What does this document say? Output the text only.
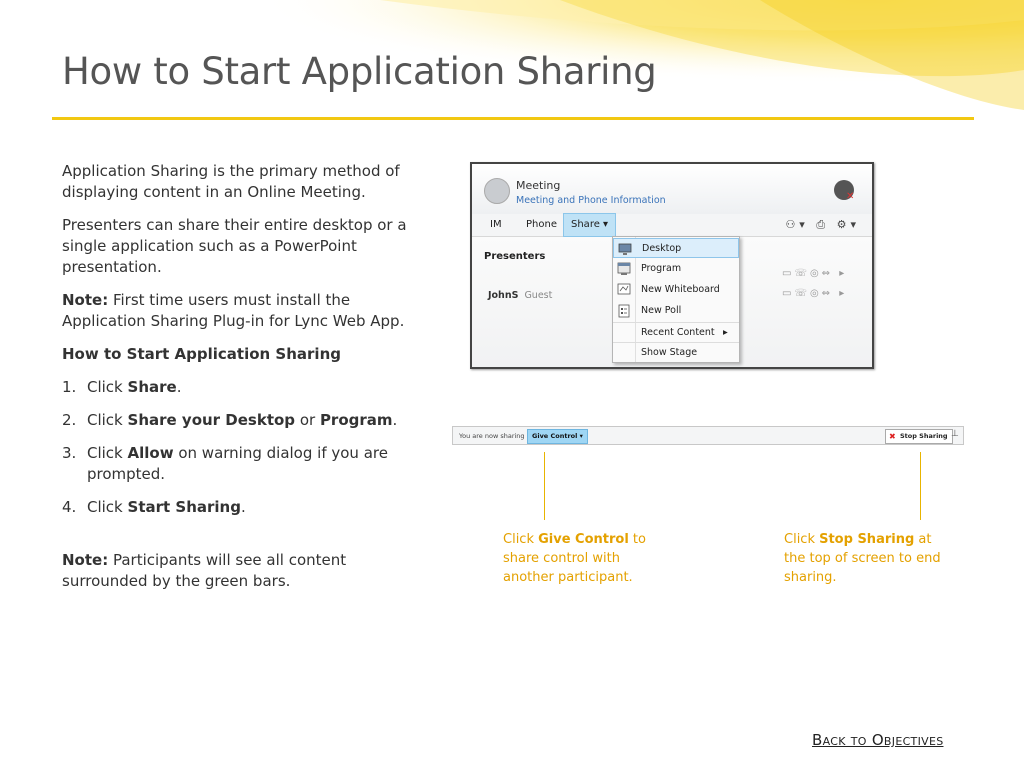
How to Start Application Sharing

Application Sharing is the primary method of displaying content in an Online Meeting.

Presenters can share their entire desktop or a single application such as a PowerPoint presentation.

Note: First time users must install the Application Sharing Plug-in for Lync Web App.

How to Start Application Sharing

1. Click Share.
2. Click Share your Desktop or Program.
3. Click Allow on warning dialog if you are prompted.
4. Click Start Sharing.

Note: Participants will see all content surrounded by the green bars.

Meeting
Meeting and Phone Information	✕
IM Phone	Share ▾	⚇▾ ⎙ ⚙▾
Presenters
JohnS Guest
▭☏◎⇔ ▸
▭☏◎⇔ ▸
Desktop
Program
New Whiteboard
New Poll
Recent Content ▸
Show Stage
You are now sharing	Give Control ▾	✖ Stop Sharing ⊥
Click Give Control to share control with another participant.
Click Stop Sharing at the top of screen to end sharing.
Back to Objectives
